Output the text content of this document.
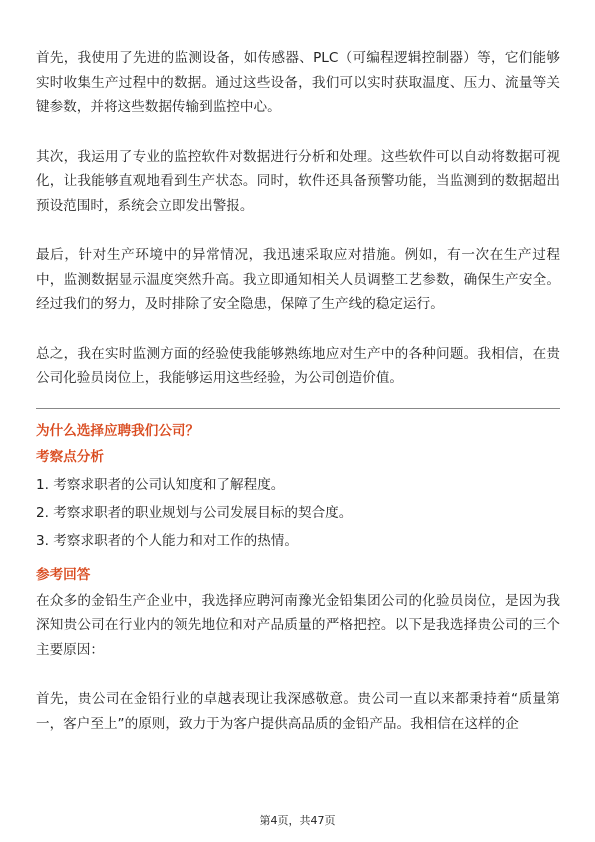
首先，我使用了先进的监测设备，如传感器、PLC（可编程逻辑控制器）等，它们能够实时收集生产过程中的数据。通过这些设备，我们可以实时获取温度、压力、流量等关键参数，并将这些数据传输到监控中心。

其次，我运用了专业的监控软件对数据进行分析和处理。这些软件可以自动将数据可视化，让我能够直观地看到生产状态。同时，软件还具备预警功能，当监测到的数据超出预设范围时，系统会立即发出警报。

最后，针对生产环境中的异常情况，我迅速采取应对措施。例如，有一次在生产过程中，监测数据显示温度突然升高。我立即通知相关人员调整工艺参数，确保生产安全。经过我们的努力，及时排除了安全隐患，保障了生产线的稳定运行。

总之，我在实时监测方面的经验使我能够熟练地应对生产中的各种问题。我相信，在贵公司化验员岗位上，我能够运用这些经验，为公司创造价值。

为什么选择应聘我们公司？

考察点分析

1. 考察求职者的公司认知度和了解程度。

2. 考察求职者的职业规划与公司发展目标的契合度。

3. 考察求职者的个人能力和对工作的热情。

参考回答

在众多的金铅生产企业中，我选择应聘河南豫光金铅集团公司的化验员岗位，是因为我深知贵公司在行业内的领先地位和对产品质量的严格把控。以下是我选择贵公司的三个主要原因：

首先，贵公司在金铅行业的卓越表现让我深感敬意。贵公司一直以来都秉持着“质量第一，客户至上”的原则，致力于为客户提供高品质的金铅产品。我相信在这样的企

第4页，共47页
